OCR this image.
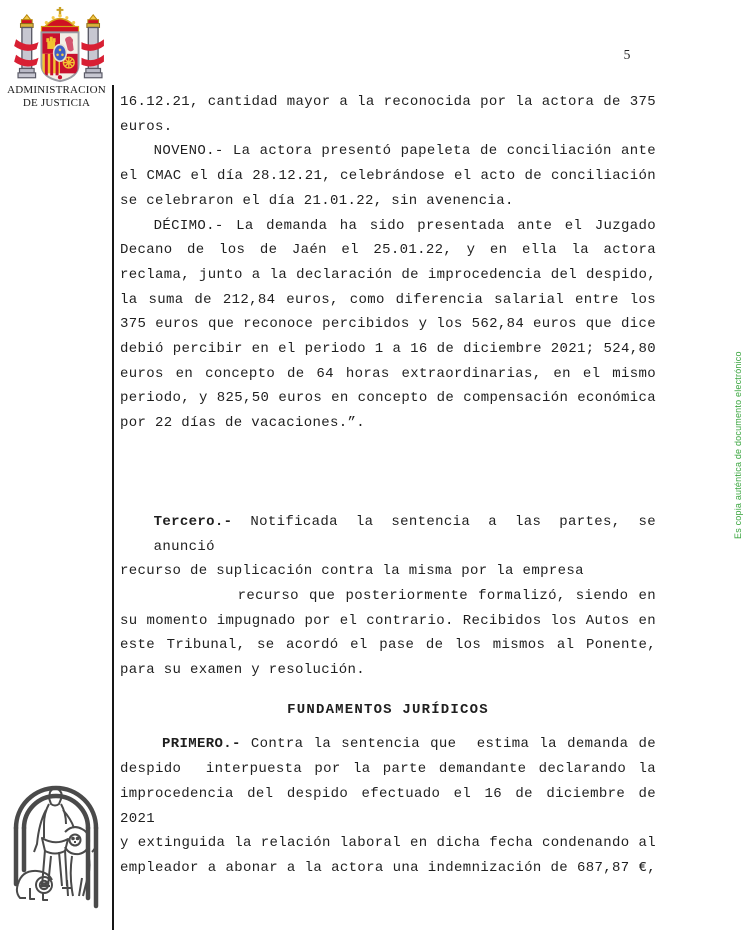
ADMINISTRACION
DE JUSTICIA
5
16.12.21, cantidad mayor a la reconocida por la actora de 375
euros.
NOVENO.- La actora presentó papeleta de conciliación ante
el CMAC el día 28.12.21, celebrándose el acto de conciliación
se celebraron el día 21.01.22, sin avenencia.
DÉCIMO.- La demanda ha sido presentada ante el Juzgado
Decano de los de Jaén el 25.01.22, y en ella la actora
reclama, junto a la declaración de improcedencia del despido,
la suma de 212,84 euros, como diferencia salarial entre los
375 euros que reconoce percibidos y los 562,84 euros que dice
debió percibir en el periodo 1 a 16 de diciembre 2021; 524,80
euros en concepto de 64 horas extraordinarias, en el mismo
periodo, y 825,50 euros en concepto de compensación económica
por 22 días de vacaciones.”.
Tercero.- Notificada la sentencia a las partes, se anunció
recurso de suplicación contra la misma por la empresa
recurso que posteriormente formalizó, siendo en
su momento impugnado por el contrario. Recibidos los Autos en
este Tribunal, se acordó el pase de los mismos al Ponente,
para su examen y resolución.
FUNDAMENTOS JURÍDICOS
PRIMERO.- Contra la sentencia que  estima la demanda de
despido  interpuesta por la parte demandante declarando la
improcedencia del despido efectuado el 16 de diciembre de 2021
y extinguida la relación laboral en dicha fecha condenando al
empleador a abonar a la actora una indemnización de 687,87 €,
Es copia auténtica de documento electrónico
